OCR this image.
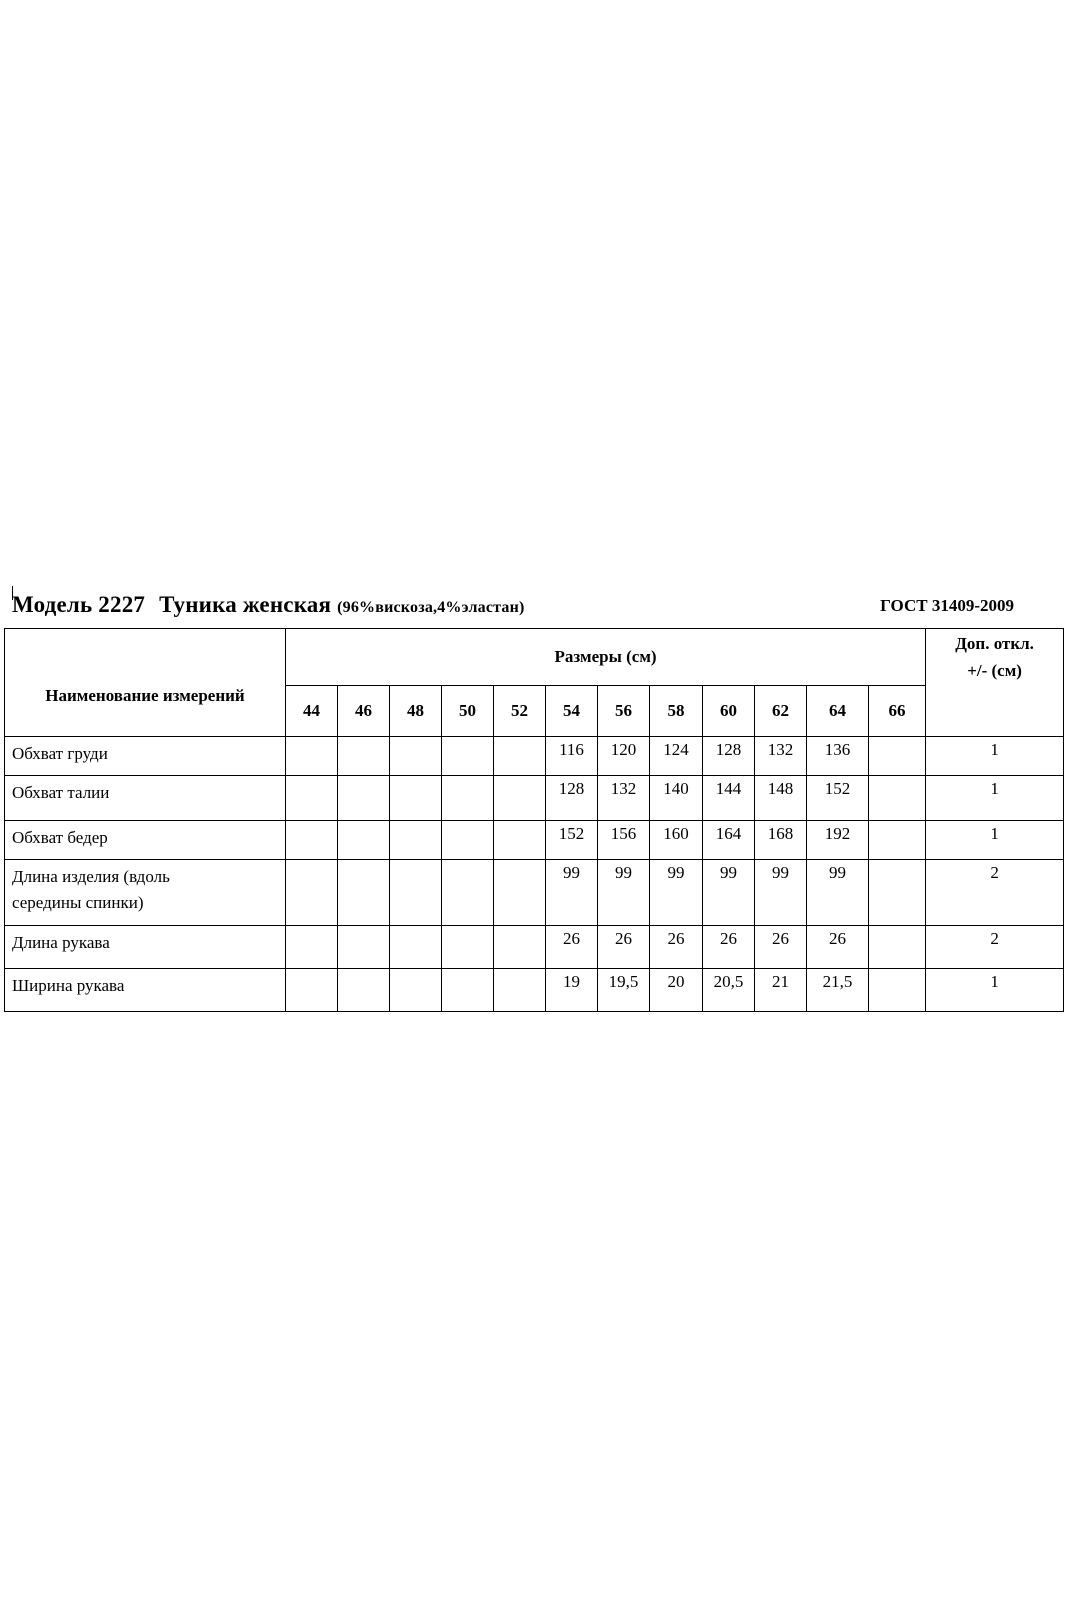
Модель 2227 Туника женская (96%вискоза,4%эластан)	ГОСТ 31409-2009
Наименование измерений	Размеры (см)												Доп. откл.
+/- (см)

	44	46	48	50	52	54	56	58	60	62	64	66	
Обхват груди						116	120	124	128	132	136		1
Обхват талии						128	132	140	144	148	152		1
Обхват бедер						152	156	160	164	168	192		1

Длина изделия (вдоль
середины спинки)						99	99	99	99	99	99		2
Длина рукава						26	26	26	26	26	26		2
Ширина рукава						19	19,5	20	20,5	21	21,5		1
